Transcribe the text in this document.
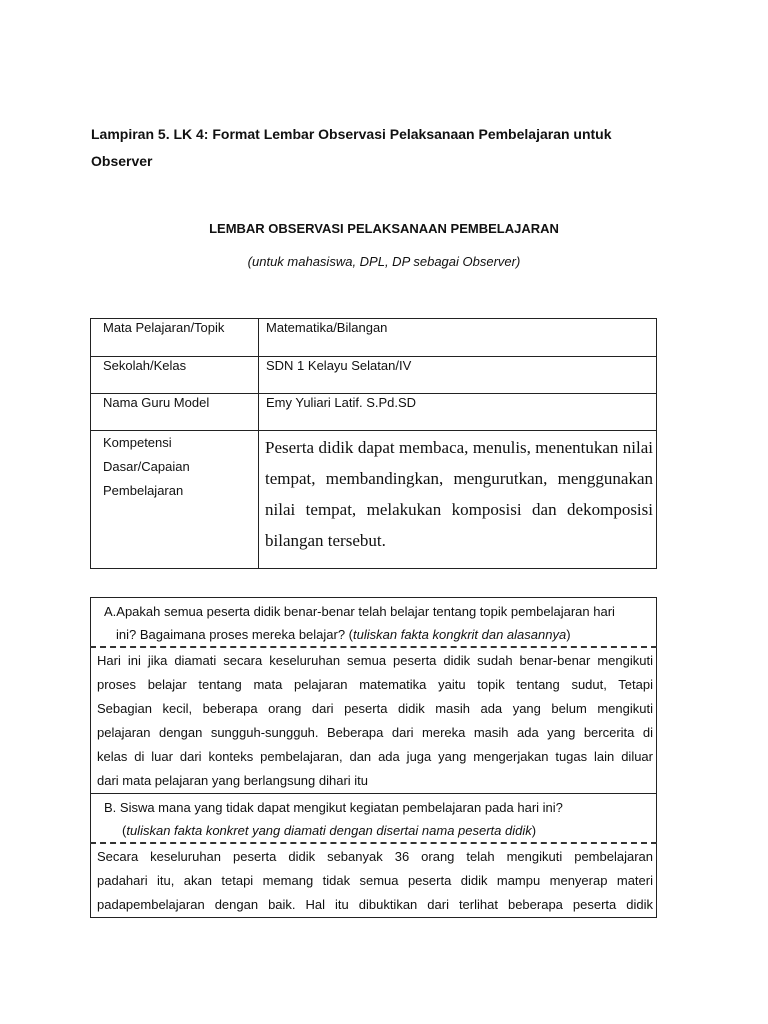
Lampiran 5. LK 4: Format Lembar Observasi Pelaksanaan Pembelajaran untuk
Observer

LEMBAR OBSERVASI PELAKSANAAN PEMBELAJARAN

(untuk mahasiswa, DPL, DP sebagai Observer)

Mata Pelajaran/Topik	Matematika/Bilangan
Sekolah/Kelas	SDN 1 Kelayu Selatan/IV
Nama Guru Model	Emy Yuliari Latif. S.Pd.SD
Kompetensi
Dasar/Capaian
Pembelajaran	Peserta didik dapat membaca, menulis, menentukan nilai
tempat, membandingkan, mengurutkan, menggunakan
nilai tempat, melakukan komposisi dan dekomposisi
bilangan tersebut.
A.Apakah semua peserta didik benar-benar telah belajar tentang topik pembelajaran hari
ini? Bagaimana proses mereka belajar? (tuliskan fakta kongkrit dan alasannya)

Hari ini jika diamati secara keseluruhan semua peserta didik sudah benar-benar mengikuti
proses belajar tentang mata pelajaran matematika yaitu topik tentang sudut, Tetapi
Sebagian kecil, beberapa orang dari peserta didik masih ada yang belum mengikuti
pelajaran dengan sungguh-sungguh. Beberapa dari mereka masih ada yang bercerita di
kelas di luar dari konteks pembelajaran, dan ada juga yang mengerjakan tugas lain diluar
dari mata pelajaran yang berlangsung dihari itu

B. Siswa mana yang tidak dapat mengikut kegiatan pembelajaran pada hari ini?
(tuliskan fakta konkret yang diamati dengan disertai nama peserta didik)

Secara keseluruhan peserta didik sebanyak 36 orang telah mengikuti pembelajaran
padahari itu, akan tetapi memang tidak semua peserta didik mampu menyerap materi
padapembelajaran dengan baik. Hal itu dibuktikan dari terlihat beberapa peserta didik
